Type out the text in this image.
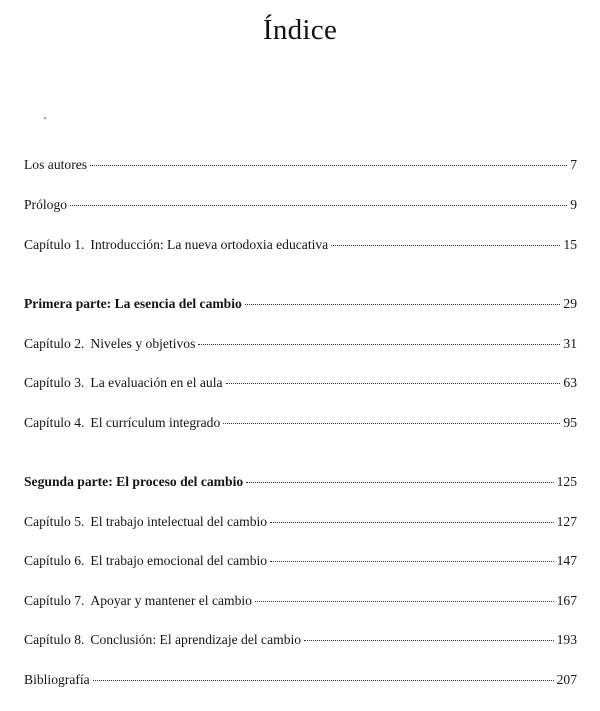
Índice
Los autores	7
Prólogo	9
Capítulo 1. Introducción: La nueva ortodoxia educativa	15
Primera parte: La esencia del cambio	29
Capítulo 2. Niveles y objetivos	31
Capítulo 3. La evaluación en el aula	63
Capítulo 4. El currículum integrado	95
Segunda parte: El proceso del cambio	125
Capítulo 5. El trabajo intelectual del cambio	127
Capítulo 6. El trabajo emocional del cambio	147
Capítulo 7. Apoyar y mantener el cambio	167
Capítulo 8. Conclusión: El aprendizaje del cambio	193
Bibliografía	207
